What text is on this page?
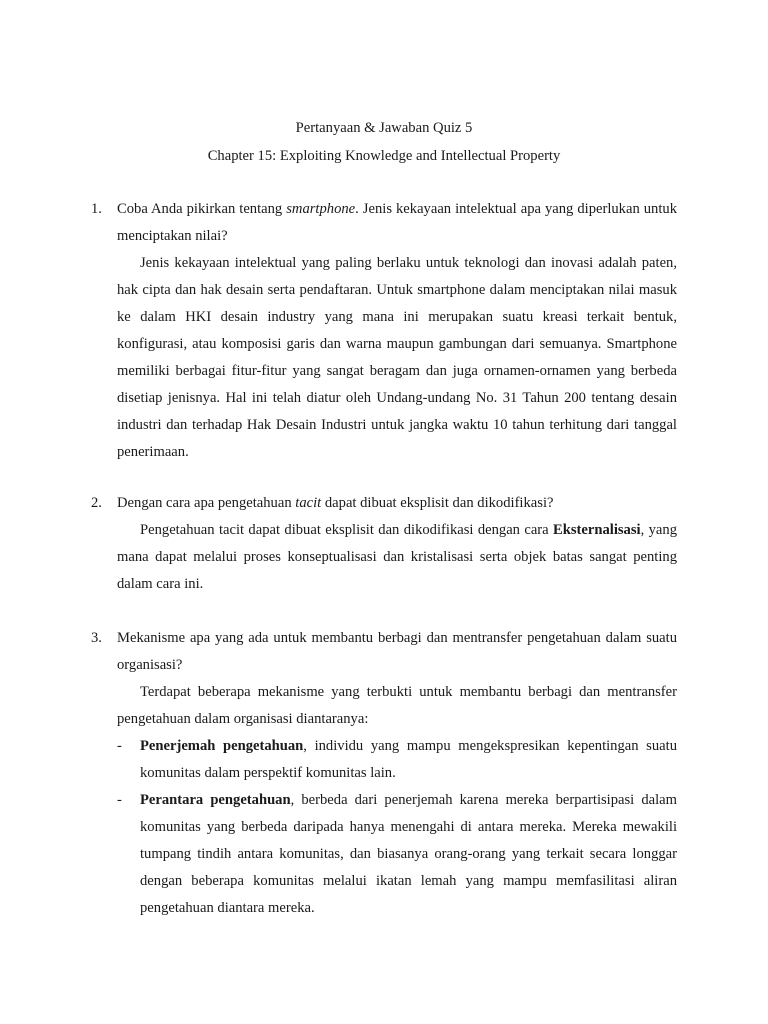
Pertanyaan & Jawaban Quiz 5
Chapter 15: Exploiting Knowledge and Intellectual Property
1. Coba Anda pikirkan tentang smartphone. Jenis kekayaan intelektual apa yang diperlukan untuk menciptakan nilai?
Jenis kekayaan intelektual yang paling berlaku untuk teknologi dan inovasi adalah paten, hak cipta dan hak desain serta pendaftaran. Untuk smartphone dalam menciptakan nilai masuk ke dalam HKI desain industry yang mana ini merupakan suatu kreasi terkait bentuk, konfigurasi, atau komposisi garis dan warna maupun gambungan dari semuanya. Smartphone memiliki berbagai fitur-fitur yang sangat beragam dan juga ornamen-ornamen yang berbeda disetiap jenisnya. Hal ini telah diatur oleh Undang-undang No. 31 Tahun 200 tentang desain industri dan terhadap Hak Desain Industri untuk jangka waktu 10 tahun terhitung dari tanggal penerimaan.
2. Dengan cara apa pengetahuan tacit dapat dibuat eksplisit dan dikodifikasi?
Pengetahuan tacit dapat dibuat eksplisit dan dikodifikasi dengan cara Eksternalisasi, yang mana dapat melalui proses konseptualisasi dan kristalisasi serta objek batas sangat penting dalam cara ini.
3. Mekanisme apa yang ada untuk membantu berbagi dan mentransfer pengetahuan dalam suatu organisasi?
Terdapat beberapa mekanisme yang terbukti untuk membantu berbagi dan mentransfer pengetahuan dalam organisasi diantaranya:
- Penerjemah pengetahuan, individu yang mampu mengekspresikan kepentingan suatu komunitas dalam perspektif komunitas lain.
- Perantara pengetahuan, berbeda dari penerjemah karena mereka berpartisipasi dalam komunitas yang berbeda daripada hanya menengahi di antara mereka. Mereka mewakili tumpang tindih antara komunitas, dan biasanya orang-orang yang terkait secara longgar dengan beberapa komunitas melalui ikatan lemah yang mampu memfasilitasi aliran pengetahuan diantara mereka.
